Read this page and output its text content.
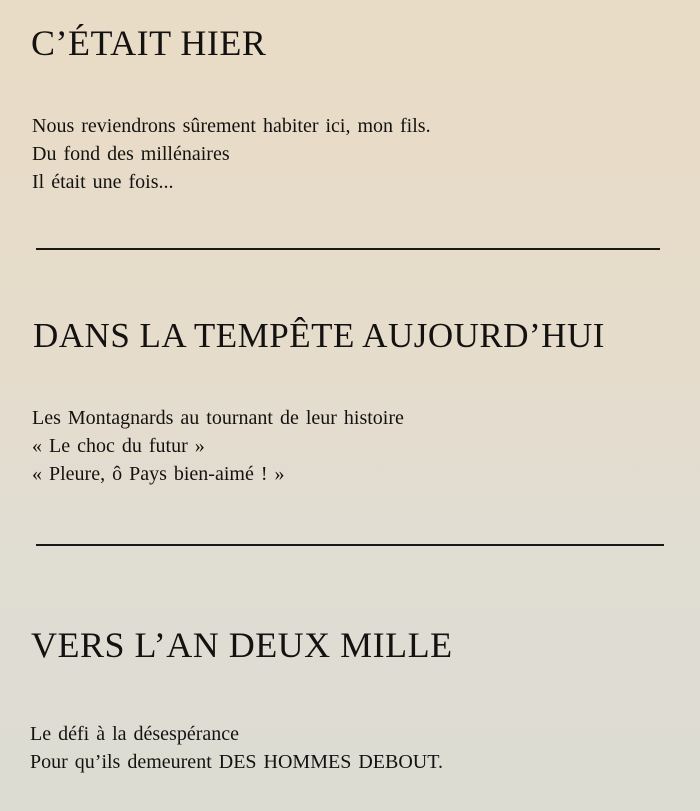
C’ÉTAIT HIER
Nous reviendrons sûrement habiter ici, mon fils.
Du fond des millénaires
Il était une fois...
DANS LA TEMPÊTE AUJOURD’HUI
Les Montagnards au tournant de leur histoire
« Le choc du futur »
« Pleure, ô Pays bien-aimé ! »
VERS L’AN DEUX MILLE
Le défi à la désespérance
Pour qu’ils demeurent DES HOMMES DEBOUT.
